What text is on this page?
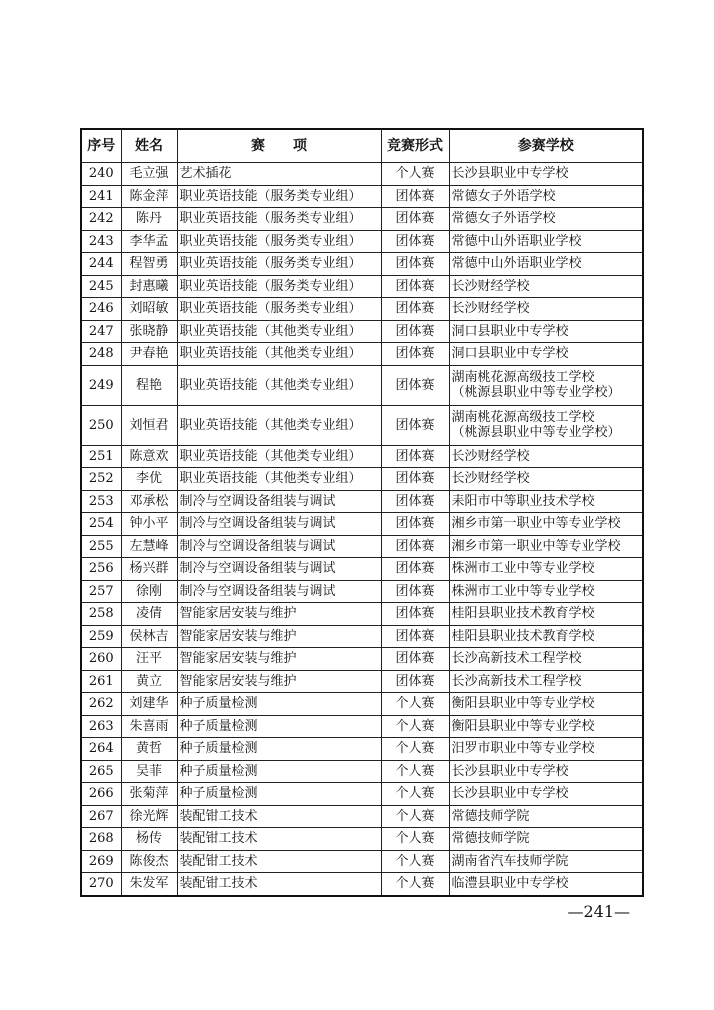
序号	姓名	赛　　项	竞赛形式	参赛学校
240	毛立强	艺术插花	个人赛	长沙县职业中专学校

241	陈金萍	职业英语技能（服务类专业组）	团体赛	常德女子外语学校

242	陈丹	职业英语技能（服务类专业组）	团体赛	常德女子外语学校

243	李华孟	职业英语技能（服务类专业组）	团体赛	常德中山外语职业学校

244	程智勇	职业英语技能（服务类专业组）	团体赛	常德中山外语职业学校

245	封惠曦	职业英语技能（服务类专业组）	团体赛	长沙财经学校

246	刘昭敏	职业英语技能（服务类专业组）	团体赛	长沙财经学校

247	张晓静	职业英语技能（其他类专业组）	团体赛	洞口县职业中专学校

248	尹春艳	职业英语技能（其他类专业组）	团体赛	洞口县职业中专学校

249	程艳	职业英语技能（其他类专业组）	团体赛	湖南桃花源高级技工学校
（桃源县职业中等专业学校）

250	刘恒君	职业英语技能（其他类专业组）	团体赛	湖南桃花源高级技工学校
（桃源县职业中等专业学校）

251	陈意欢	职业英语技能（其他类专业组）	团体赛	长沙财经学校

252	李优	职业英语技能（其他类专业组）	团体赛	长沙财经学校

253	邓承松	制冷与空调设备组装与调试	团体赛	耒阳市中等职业技术学校

254	钟小平	制冷与空调设备组装与调试	团体赛	湘乡市第一职业中等专业学校

255	左慧峰	制冷与空调设备组装与调试	团体赛	湘乡市第一职业中等专业学校

256	杨兴群	制冷与空调设备组装与调试	团体赛	株洲市工业中等专业学校

257	徐刚	制冷与空调设备组装与调试	团体赛	株洲市工业中等专业学校

258	凌倩	智能家居安装与维护	团体赛	桂阳县职业技术教育学校

259	侯林吉	智能家居安装与维护	团体赛	桂阳县职业技术教育学校

260	汪平	智能家居安装与维护	团体赛	长沙高新技术工程学校

261	黄立	智能家居安装与维护	团体赛	长沙高新技术工程学校

262	刘建华	种子质量检测	个人赛	衡阳县职业中等专业学校

263	朱喜雨	种子质量检测	个人赛	衡阳县职业中等专业学校

264	黄哲	种子质量检测	个人赛	汨罗市职业中等专业学校

265	吴菲	种子质量检测	个人赛	长沙县职业中专学校

266	张菊萍	种子质量检测	个人赛	长沙县职业中专学校

267	徐光辉	装配钳工技术	个人赛	常德技师学院

268	杨传	装配钳工技术	个人赛	常德技师学院

269	陈俊杰	装配钳工技术	个人赛	湖南省汽车技师学院

270	朱发军	装配钳工技术	个人赛	临澧县职业中专学校
—241—
